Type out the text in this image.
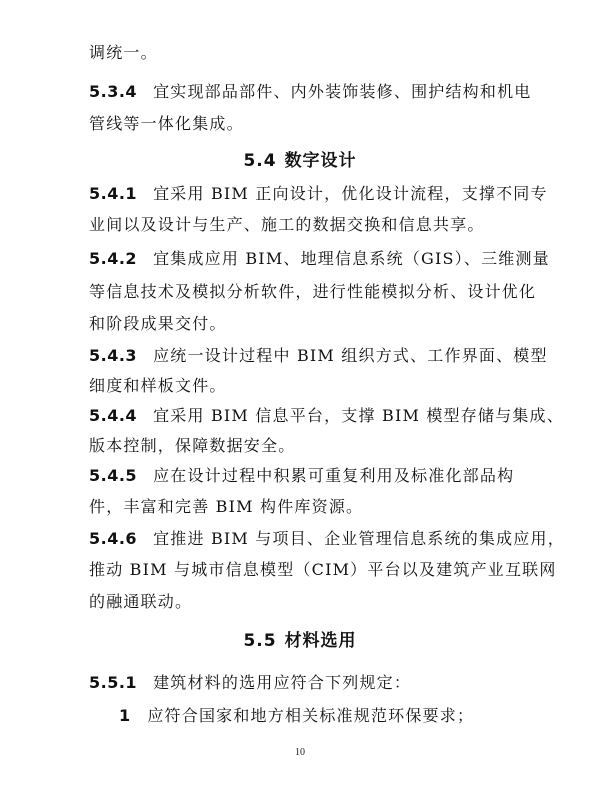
调统一。
5.3.4 宜实现部品部件、内外装饰装修、围护结构和机电
管线等一体化集成。
5.4 数字设计
5.4.1 宜采用 BIM 正向设计，优化设计流程，支撑不同专
业间以及设计与生产、施工的数据交换和信息共享。
5.4.2 宜集成应用 BIM、地理信息系统（GIS）、三维测量
等信息技术及模拟分析软件，进行性能模拟分析、设计优化
和阶段成果交付。
5.4.3 应统一设计过程中 BIM 组织方式、工作界面、模型
细度和样板文件。
5.4.4 宜采用 BIM 信息平台，支撑 BIM 模型存储与集成、
版本控制，保障数据安全。
5.4.5 应在设计过程中积累可重复利用及标准化部品构
件，丰富和完善 BIM 构件库资源。
5.4.6 宜推进 BIM 与项目、企业管理信息系统的集成应用，
推动 BIM 与城市信息模型（CIM）平台以及建筑产业互联网
的融通联动。
5.5 材料选用
5.5.1 建筑材料的选用应符合下列规定：
1 应符合国家和地方相关标准规范环保要求；
10
